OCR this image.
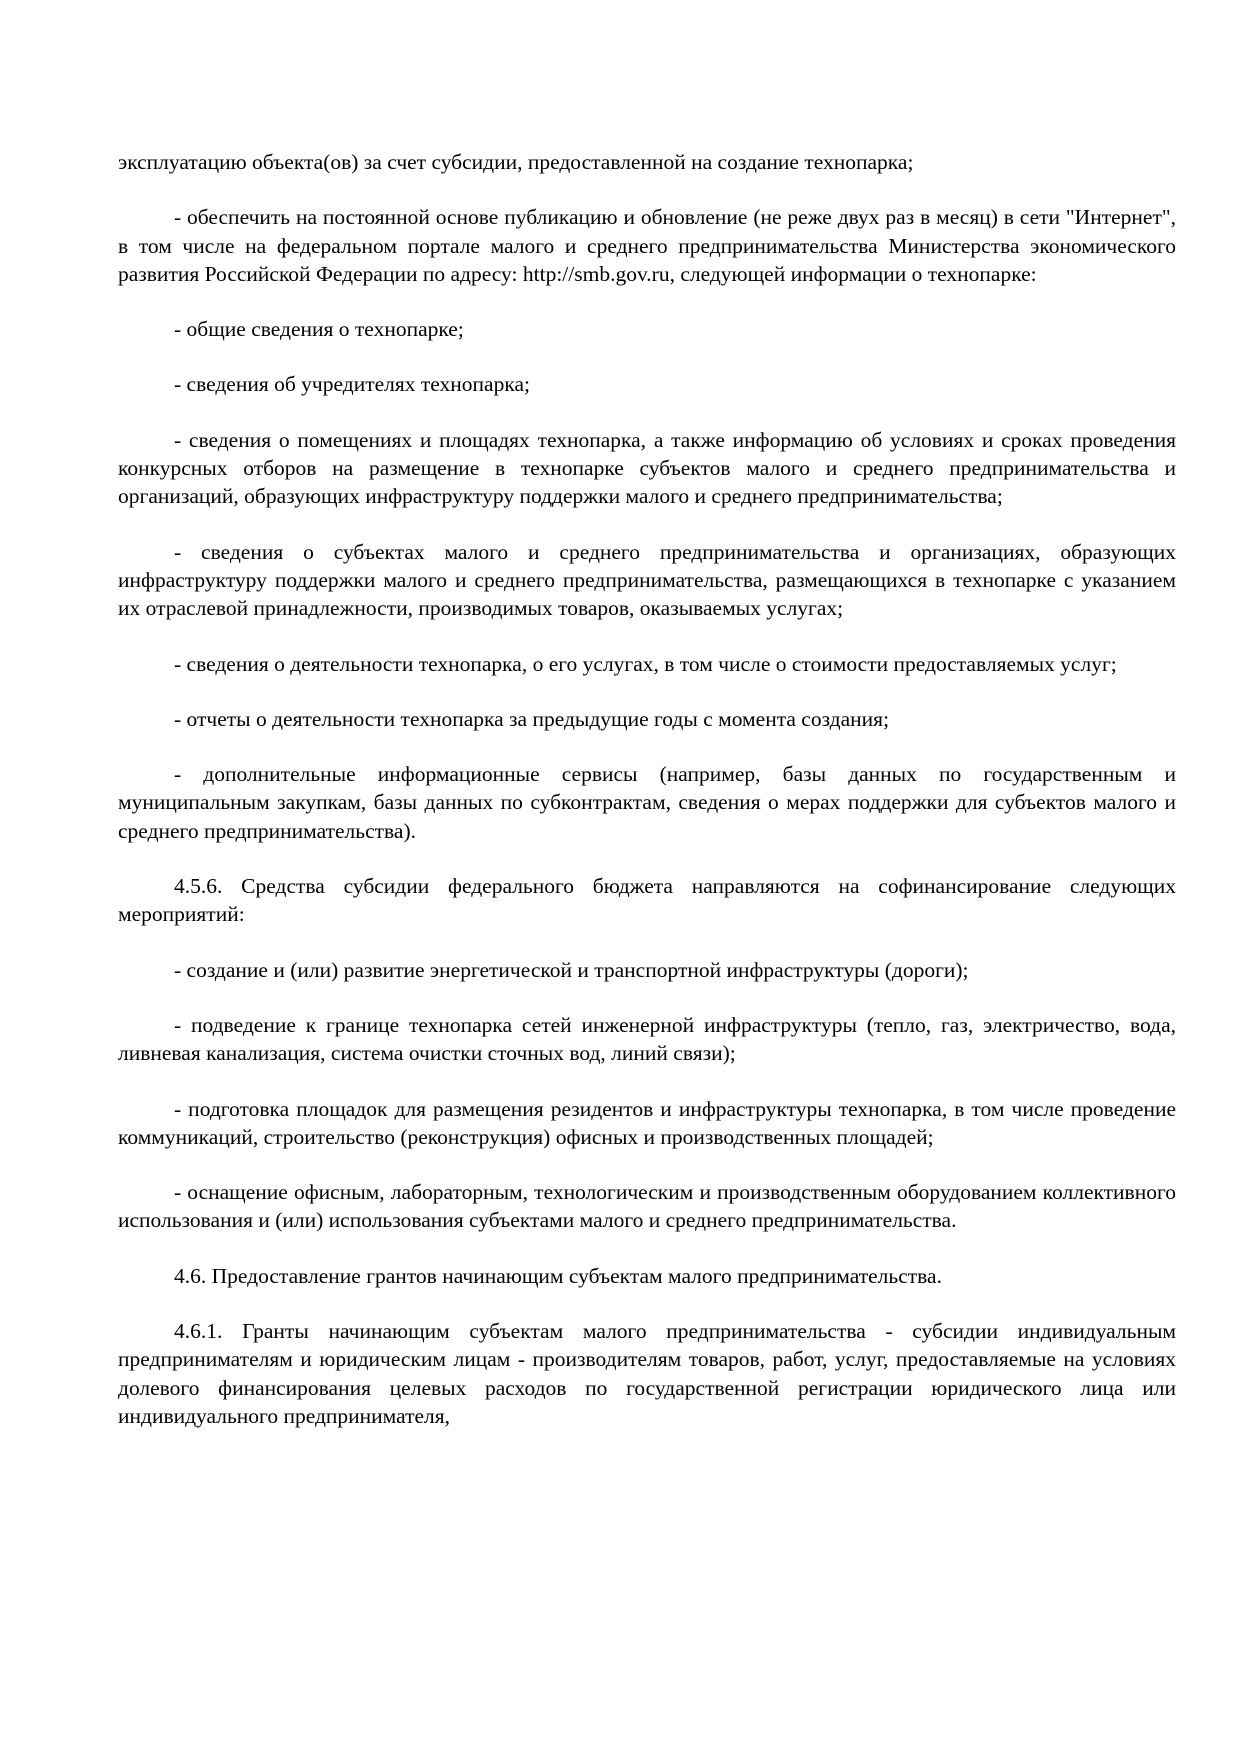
эксплуатацию объекта(ов) за счет субсидии, предоставленной на создание технопарка;

- обеспечить на постоянной основе публикацию и обновление (не реже двух раз в месяц) в сети "Интернет", в том числе на федеральном портале малого и среднего предпринимательства Министерства экономического развития Российской Федерации по адресу: http://smb.gov.ru, следующей информации о технопарке:

- общие сведения о технопарке;

- сведения об учредителях технопарка;

- сведения о помещениях и площадях технопарка, а также информацию об условиях и сроках проведения конкурсных отборов на размещение в технопарке субъектов малого и среднего предпринимательства и организаций, образующих инфраструктуру поддержки малого и среднего предпринимательства;

- сведения о субъектах малого и среднего предпринимательства и организациях, образующих инфраструктуру поддержки малого и среднего предпринимательства, размещающихся в технопарке с указанием их отраслевой принадлежности, производимых товаров, оказываемых услугах;

- сведения о деятельности технопарка, о его услугах, в том числе о стоимости предоставляемых услуг;

- отчеты о деятельности технопарка за предыдущие годы с момента создания;

- дополнительные информационные сервисы (например, базы данных по государственным и муниципальным закупкам, базы данных по субконтрактам, сведения о мерах поддержки для субъектов малого и среднего предпринимательства).

4.5.6. Средства субсидии федерального бюджета направляются на софинансирование следующих мероприятий:

- создание и (или) развитие энергетической и транспортной инфраструктуры (дороги);

- подведение к границе технопарка сетей инженерной инфраструктуры (тепло, газ, электричество, вода, ливневая канализация, система очистки сточных вод, линий связи);

- подготовка площадок для размещения резидентов и инфраструктуры технопарка, в том числе проведение коммуникаций, строительство (реконструкция) офисных и производственных площадей;

- оснащение офисным, лабораторным, технологическим и производственным оборудованием коллективного использования и (или) использования субъектами малого и среднего предпринимательства.

4.6. Предоставление грантов начинающим субъектам малого предпринимательства.

4.6.1. Гранты начинающим субъектам малого предпринимательства - субсидии индивидуальным предпринимателям и юридическим лицам - производителям товаров, работ, услуг, предоставляемые на условиях долевого финансирования целевых расходов по государственной регистрации юридического лица или индивидуального предпринимателя,
